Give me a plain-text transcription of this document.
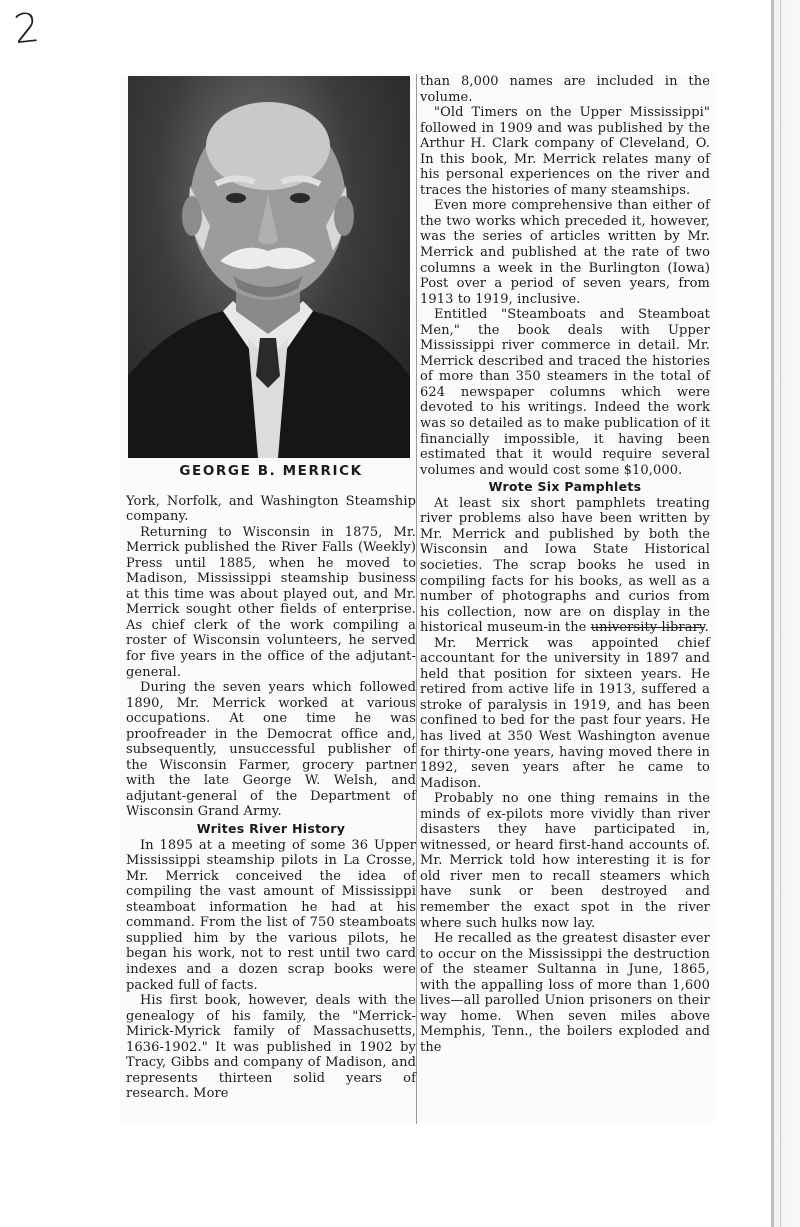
2
GEORGE B. MERRICK

York, Norfolk, and Washington Steamship company.

Returning to Wisconsin in 1875, Mr. Merrick published the River Falls (Weekly) Press until 1885, when he moved to Madison, Mississippi steamship business at this time was about played out, and Mr. Merrick sought other fields of enterprise. As chief clerk of the work compiling a roster of Wisconsin volunteers, he served for five years in the office of the adjutant-general.

During the seven years which followed 1890, Mr. Merrick worked at various occupations. At one time he was proofreader in the Democrat office and, subsequently, unsuccessful publisher of the Wisconsin Farmer, grocery partner with the late George W. Welsh, and adjutant-general of the Department of Wisconsin Grand Army.

Writes River History

In 1895 at a meeting of some 36 Upper Mississippi steamship pilots in La Crosse, Mr. Merrick conceived the idea of compiling the vast amount of Mississippi steamboat information he had at his command. From the list of 750 steamboats supplied him by the various pilots, he began his work, not to rest until two card indexes and a dozen scrap books were packed full of facts.

His first book, however, deals with the genealogy of his family, the "Merrick-Mirick-Myrick family of Massachusetts, 1636-1902." It was published in 1902 by Tracy, Gibbs and company of Madison, and represents thirteen solid years of research. More

than 8,000 names are included in the volume.

"Old Timers on the Upper Mississippi" followed in 1909 and was published by the Arthur H. Clark company of Cleveland, O. In this book, Mr. Merrick relates many of his personal experiences on the river and traces the histories of many steamships.

Even more comprehensive than either of the two works which preceded it, however, was the series of articles written by Mr. Merrick and published at the rate of two columns a week in the Burlington (Iowa) Post over a period of seven years, from 1913 to 1919, inclusive.

Entitled "Steamboats and Steamboat Men," the book deals with Upper Mississippi river commerce in detail. Mr. Merrick described and traced the histories of more than 350 steamers in the total of 624 newspaper columns which were devoted to his writings. Indeed the work was so detailed as to make publication of it financially impossible, it having been estimated that it would require several volumes and would cost some $10,000.

Wrote Six Pamphlets

At least six short pamphlets treating river problems also have been written by Mr. Merrick and published by both the Wisconsin and Iowa State Historical societies. The scrap books he used in compiling facts for his books, as well as a number of photographs and curios from his collection, now are on display in the historical museum-in the university library.

Mr. Merrick was appointed chief accountant for the university in 1897 and held that position for sixteen years. He retired from active life in 1913, suffered a stroke of paralysis in 1919, and has been confined to bed for the past four years. He has lived at 350 West Washington avenue for thirty-one years, having moved there in 1892, seven years after he came to Madison.

Probably no one thing remains in the minds of ex-pilots more vividly than river disasters they have participated in, witnessed, or heard first-hand accounts of. Mr. Merrick told how interesting it is for old river men to recall steamers which have sunk or been destroyed and remember the exact spot in the river where such hulks now lay.

He recalled as the greatest disaster ever to occur on the Mississippi the destruction of the steamer Sultanna in June, 1865, with the appalling loss of more than 1,600 lives—all parolled Union prisoners on their way home. When seven miles above Memphis, Tenn., the boilers exploded and the
